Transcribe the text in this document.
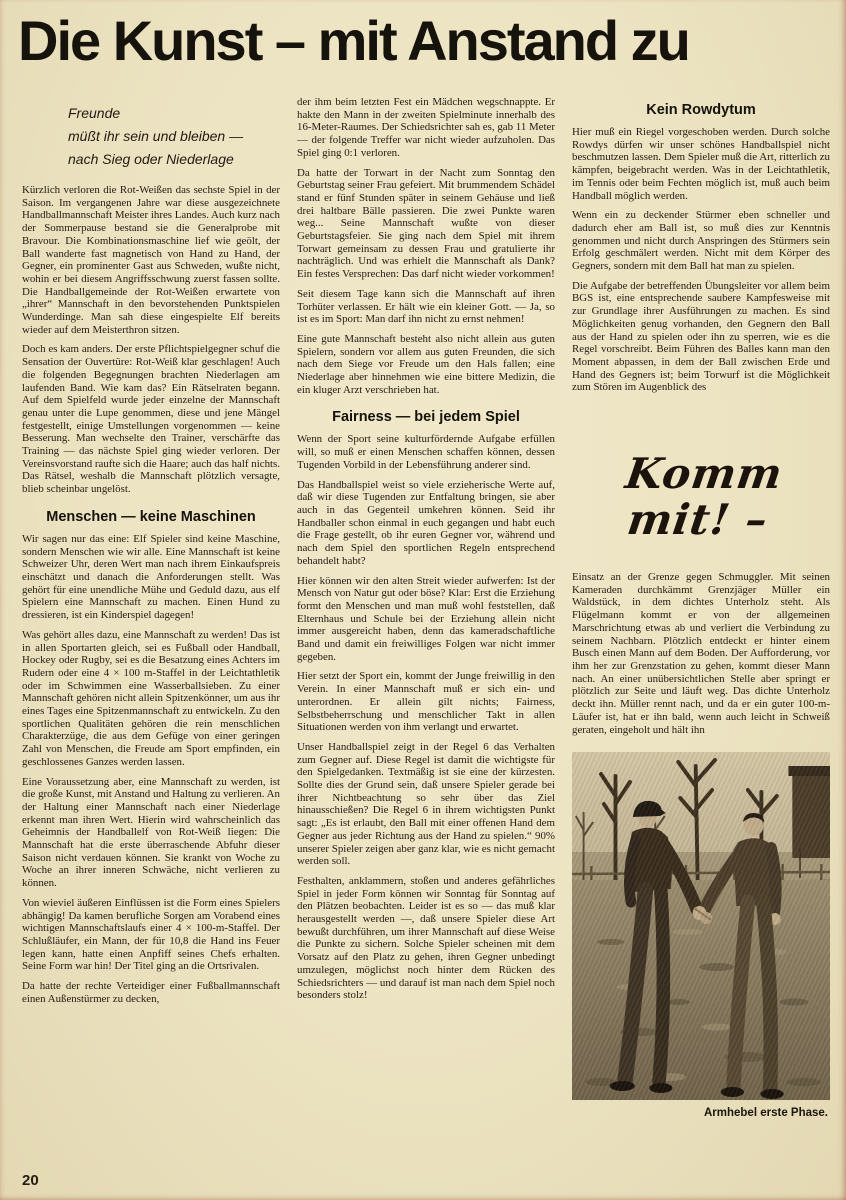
Die Kunst – mit Anstand zu
Freunde
müßt ihr sein und bleiben —
nach Sieg oder Niederlage

Kürzlich verloren die Rot-Weißen das sechste Spiel in der Saison. Im vergangenen Jahre war diese ausgezeichnete Handballmannschaft Meister ihres Landes. Auch kurz nach der Sommerpause bestand sie die Generalprobe mit Bravour. Die Kombinationsmaschine lief wie geölt, der Ball wanderte fast magnetisch von Hand zu Hand, der Gegner, ein prominenter Gast aus Schweden, wußte nicht, wohin er bei diesem Angriffsschwung zuerst fassen sollte. Die Handballgemeinde der Rot-Weißen erwartete von „ihrer“ Mannschaft in den bevorstehenden Punktspielen Wunderdinge. Man sah diese eingespielte Elf bereits wieder auf dem Meisterthron sitzen.

Doch es kam anders. Der erste Pflichtspielgegner schuf die Sensation der Ouvertüre: Rot-Weiß klar geschlagen! Auch die folgenden Begegnungen brachten Niederlagen am laufenden Band. Wie kam das? Ein Rätselraten begann. Auf dem Spielfeld wurde jeder einzelne der Mannschaft genau unter die Lupe genommen, diese und jene Mängel festgestellt, einige Umstellungen vorgenommen — keine Besserung. Man wechselte den Trainer, verschärfte das Training — das nächste Spiel ging wieder verloren. Der Vereinsvorstand raufte sich die Haare; auch das half nichts. Das Rätsel, weshalb die Mannschaft plötzlich versagte, blieb scheinbar ungelöst.

Menschen — keine Maschinen

Wir sagen nur das eine: Elf Spieler sind keine Maschine, sondern Menschen wie wir alle. Eine Mannschaft ist keine Schweizer Uhr, deren Wert man nach ihrem Einkaufspreis einschätzt und danach die Anforderungen stellt. Was gehört für eine unendliche Mühe und Geduld dazu, aus elf Spielern eine Mannschaft zu machen. Einen Hund zu dressieren, ist ein Kinderspiel dagegen!

Was gehört alles dazu, eine Mannschaft zu werden! Das ist in allen Sportarten gleich, sei es Fußball oder Handball, Hockey oder Rugby, sei es die Besatzung eines Achters im Rudern oder eine 4 × 100 m-Staffel in der Leichtathletik oder im Schwimmen eine Wasserballsieben. Zu einer Mannschaft gehören nicht allein Spitzenkönner, um aus ihr eines Tages eine Spitzenmannschaft zu entwickeln. Zu den sportlichen Qualitäten gehören die rein menschlichen Charakterzüge, die aus dem Gefüge von einer geringen Zahl von Menschen, die Freude am Sport empfinden, ein geschlossenes Ganzes werden lassen.

Eine Voraussetzung aber, eine Mannschaft zu werden, ist die große Kunst, mit Anstand und Haltung zu verlieren. An der Haltung einer Mannschaft nach einer Niederlage erkennt man ihren Wert. Hierin wird wahrscheinlich das Geheimnis der Handballelf von Rot-Weiß liegen: Die Mannschaft hat die erste überraschende Abfuhr dieser Saison nicht verdauen können. Sie krankt von Woche zu Woche an ihrer inneren Schwäche, nicht verlieren zu können.

Von wieviel äußeren Einflüssen ist die Form eines Spielers abhängig! Da kamen berufliche Sorgen am Vorabend eines wichtigen Mannschaftslaufs einer 4 × 100-m-Staffel. Der Schlußläufer, ein Mann, der für 10,8 die Hand ins Feuer legen kann, hatte einen Anpfiff seines Chefs erhalten. Seine Form war hin! Der Titel ging an die Ortsrivalen.

Da hatte der rechte Verteidiger einer Fußballmannschaft einen Außenstürmer zu decken,

20

der ihm beim letzten Fest ein Mädchen wegschnappte. Er hakte den Mann in der zweiten Spielminute innerhalb des 16-Meter-Raumes. Der Schiedsrichter sah es, gab 11 Meter — der folgende Treffer war nicht wieder aufzuholen. Das Spiel ging 0:1 verloren.

Da hatte der Torwart in der Nacht zum Sonntag den Geburtstag seiner Frau gefeiert. Mit brummendem Schädel stand er fünf Stunden später in seinem Gehäuse und ließ drei haltbare Bälle passieren. Die zwei Punkte waren weg... Seine Mannschaft wußte von dieser Geburtstagsfeier. Sie ging nach dem Spiel mit ihrem Torwart gemeinsam zu dessen Frau und gratulierte ihr nachträglich. Und was erhielt die Mannschaft als Dank? Ein festes Versprechen: Das darf nicht wieder vorkommen!

Seit diesem Tage kann sich die Mannschaft auf ihren Torhüter verlassen. Er hält wie ein kleiner Gott. — Ja, so ist es im Sport: Man darf ihn nicht zu ernst nehmen!

Eine gute Mannschaft besteht also nicht allein aus guten Spielern, sondern vor allem aus guten Freunden, die sich nach dem Siege vor Freude um den Hals fallen; eine Niederlage aber hinnehmen wie eine bittere Medizin, die ein kluger Arzt verschrieben hat.

Fairness — bei jedem Spiel

Wenn der Sport seine kulturfördernde Aufgabe erfüllen will, so muß er einen Menschen schaffen können, dessen Tugenden Vorbild in der Lebensführung anderer sind.

Das Handballspiel weist so viele erzieherische Werte auf, daß wir diese Tugenden zur Entfaltung bringen, sie aber auch in das Gegenteil umkehren können. Seid ihr Handballer schon einmal in euch gegangen und habt euch die Frage gestellt, ob ihr euren Gegner vor, während und nach dem Spiel den sportlichen Regeln entsprechend behandelt habt?

Hier können wir den alten Streit wieder aufwerfen: Ist der Mensch von Natur gut oder böse? Klar: Erst die Erziehung formt den Menschen und man muß wohl feststellen, daß Elternhaus und Schule bei der Erziehung allein nicht immer ausgereicht haben, denn das kameradschaftliche Band und damit ein freiwilliges Folgen war nicht immer gegeben.

Hier setzt der Sport ein, kommt der Junge freiwillig in den Verein. In einer Mannschaft muß er sich ein- und unterordnen. Er allein gilt nichts; Fairness, Selbstbeherrschung und menschlicher Takt in allen Situationen werden von ihm verlangt und erwartet.

Unser Handballspiel zeigt in der Regel 6 das Verhalten zum Gegner auf. Diese Regel ist damit die wichtigste für den Spielgedanken. Textmäßig ist sie eine der kürzesten. Sollte dies der Grund sein, daß unsere Spieler gerade bei ihrer Nichtbeachtung so sehr über das Ziel hinausschießen? Die Regel 6 in ihrem wichtigsten Punkt sagt: „Es ist erlaubt, den Ball mit einer offenen Hand dem Gegner aus jeder Richtung aus der Hand zu spielen.“ 90% unserer Spieler zeigen aber ganz klar, wie es nicht gemacht werden soll.

Festhalten, anklammern, stoßen und anderes gefährliches Spiel in jeder Form können wir Sonntag für Sonntag auf den Plätzen beobachten. Leider ist es so — das muß klar herausgestellt werden —, daß unsere Spieler diese Art bewußt durchführen, um ihrer Mannschaft auf diese Weise die Punkte zu sichern. Solche Spieler scheinen mit dem Vorsatz auf den Platz zu gehen, ihren Gegner unbedingt umzulegen, möglichst noch hinter dem Rücken des Schiedsrichters — und darauf ist man nach dem Spiel noch besonders stolz!

Kein Rowdytum

Hier muß ein Riegel vorgeschoben werden. Durch solche Rowdys dürfen wir unser schönes Handballspiel nicht beschmutzen lassen. Dem Spieler muß die Art, ritterlich zu kämpfen, beigebracht werden. Was in der Leichtathletik, im Tennis oder beim Fechten möglich ist, muß auch beim Handball möglich werden.

Wenn ein zu deckender Stürmer eben schneller und dadurch eher am Ball ist, so muß dies zur Kenntnis genommen und nicht durch Anspringen des Stürmers sein Erfolg geschmälert werden. Nicht mit dem Körper des Gegners, sondern mit dem Ball hat man zu spielen.

Die Aufgabe der betreffenden Übungsleiter vor allem beim BGS ist, eine entsprechende saubere Kampfesweise mit zur Grundlage ihrer Ausführungen zu machen. Es sind Möglichkeiten genug vorhanden, den Gegnern den Ball aus der Hand zu spielen oder ihn zu sperren, wie es die Regel vorschreibt. Beim Führen des Balles kann man den Moment abpassen, in dem der Ball zwischen Erde und Hand des Gegners ist; beim Torwurf ist die Möglichkeit zum Stören im Augenblick des

Komm mit! –

Einsatz an der Grenze gegen Schmuggler. Mit seinen Kameraden durchkämmt Grenzjäger Müller ein Waldstück, in dem dichtes Unterholz steht. Als Flügelmann kommt er von der allgemeinen Marschrichtung etwas ab und verliert die Verbindung zu seinem Nachbarn. Plötzlich entdeckt er hinter einem Busch einen Mann auf dem Boden. Der Aufforderung, vor ihm her zur Grenzstation zu gehen, kommt dieser Mann nach. An einer unübersichtlichen Stelle aber springt er plötzlich zur Seite und läuft weg. Das dichte Unterholz deckt ihn. Müller rennt nach, und da er ein guter 100-m-Läufer ist, hat er ihn bald, wenn auch leicht in Schweiß geraten, eingeholt und hält ihn

Armhebel erste Phase.
